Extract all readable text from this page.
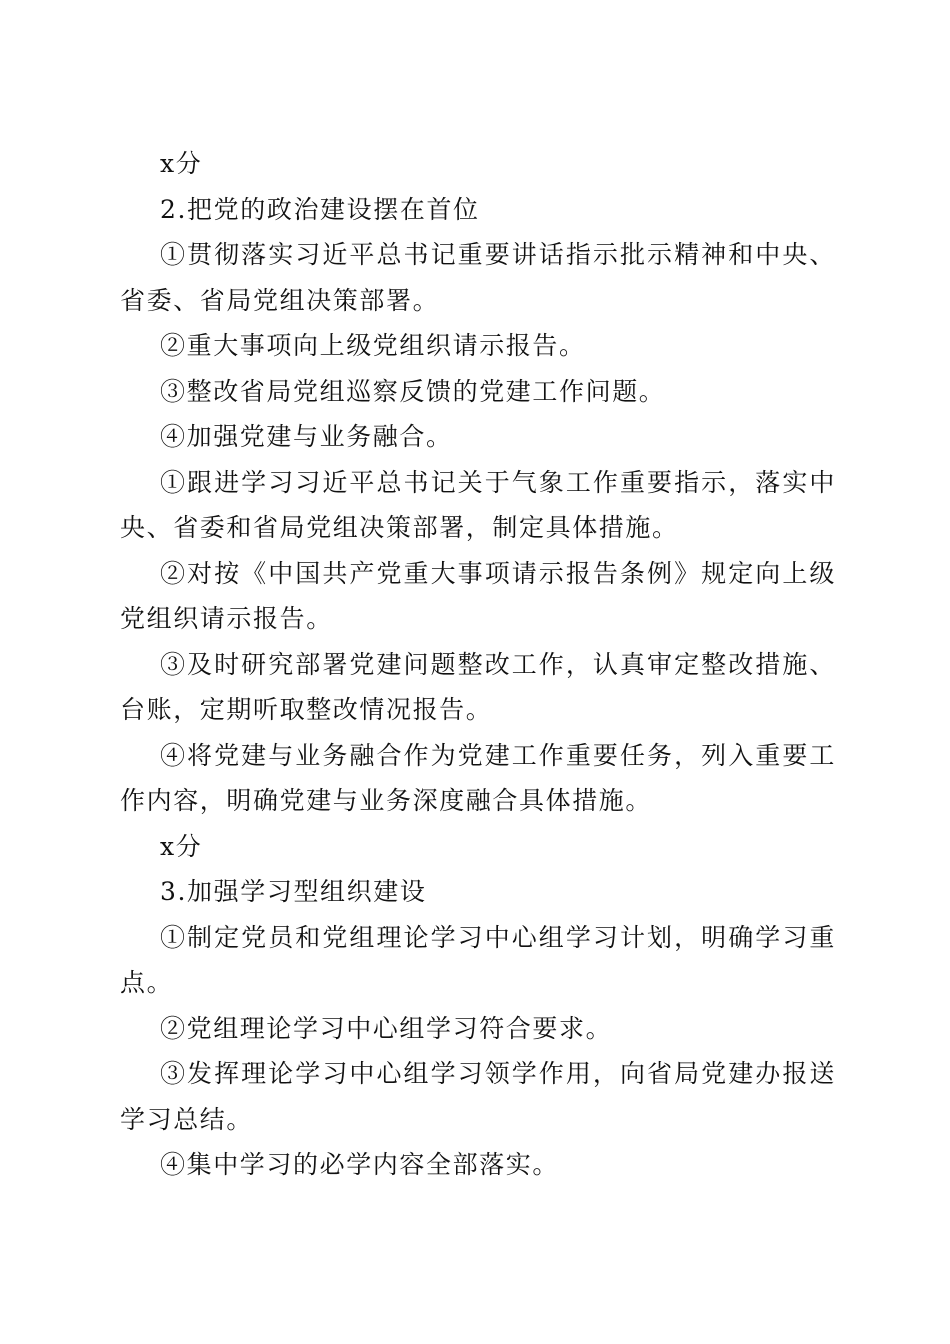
x分

2.把党的政治建设摆在首位

①贯彻落实习近平总书记重要讲话指示批示精神和中央、省委、省局党组决策部署。

②重大事项向上级党组织请示报告。

③整改省局党组巡察反馈的党建工作问题。

④加强党建与业务融合。

①跟进学习习近平总书记关于气象工作重要指示，落实中央、省委和省局党组决策部署，制定具体措施。

②对按《中国共产党重大事项请示报告条例》规定向上级党组织请示报告。

③及时研究部署党建问题整改工作，认真审定整改措施、台账，定期听取整改情况报告。

④将党建与业务融合作为党建工作重要任务，列入重要工作内容，明确党建与业务深度融合具体措施。

x分

3.加强学习型组织建设

①制定党员和党组理论学习中心组学习计划，明确学习重点。

②党组理论学习中心组学习符合要求。

③发挥理论学习中心组学习领学作用，向省局党建办报送学习总结。

④集中学习的必学内容全部落实。
